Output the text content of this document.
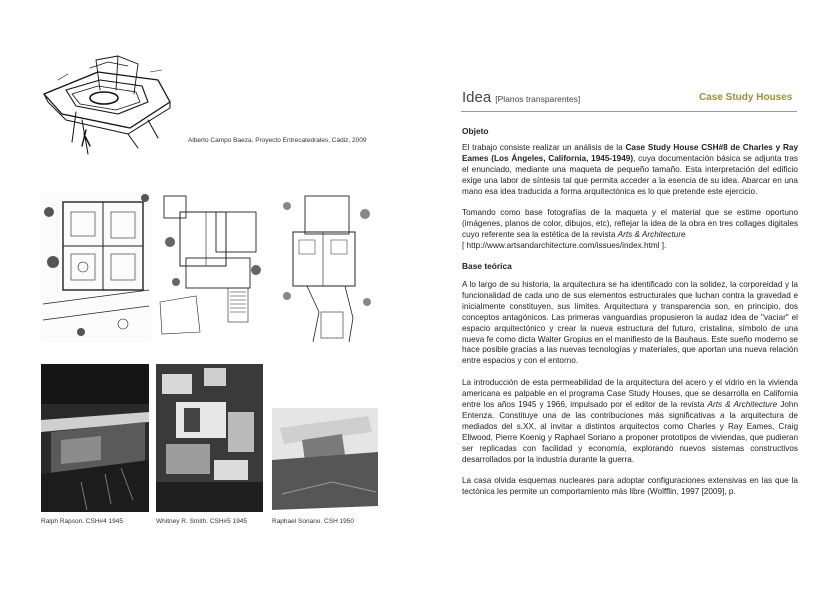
Alberto Campo Baeza. Proyecto Entrecatedrales, Cádiz, 2009
Ralph Rapson. CSH#4 1945	Whitney R. Smith. CSH#5 1945	Raphael Soriano. CSH 1950
Idea [Planos transparentes]	Case Study Houses

Objeto

El trabajo consiste realizar un análisis de la Case Study House CSH#8 de Charles y Ray Eames (Los Ángeles, California, 1945-1949), cuya documentación básica se adjunta tras el enunciado, mediante una maqueta de pequeño tamaño. Esta interpretación del edificio exige una labor de síntesis tal que permita acceder a la esencia de su idea. Abarcar en una mano esa idea traducida a forma arquitectónica es lo que pretende este ejercicio.

Tomando como base fotografías de la maqueta y el material que se estime oportuno (imágenes, planos de color, dibujos, etc), reflejar la idea de la obra en tres collages digitales cuyo referente sea la estética de la revista Arts & Architecture
[ http://www.artsandarchitecture.com/issues/index.html ].

Base teórica

A lo largo de su historia, la arquitectura se ha identificado con la solidez, la corporeidad y la funcionalidad de cada uno de sus elementos estructurales que luchan contra la gravedad e inicialmente constituyen, sus límites. Arquitectura y transparencia son, en principio, dos conceptos antagónicos. Las primeras vanguardias propusieron la audaz idea de "vaciar" el espacio arquitectónico y crear la nueva estructura del futuro, cristalina, símbolo de una nueva fe como dicta Walter Gropius en el manifiesto de la Bauhaus. Este sueño moderno se hace posible gracias a las nuevas tecnologías y materiales, que aportan una nueva relación entre espacios y con el entorno.

La introducción de esta permeabilidad de la arquitectura del acero y el vidrio en la vivienda americana es palpable en el programa Case Study Houses, que se desarrolla en California entre los años 1945 y 1966, impulsado por el editor de la revista Arts & Architecture John Entenza. Constituye una de las contribuciones más significativas a la arquitectura de mediados del s.XX, al invitar a distintos arquitectos como Charles y Ray Eames, Craig Ellwood, Pierre Koenig y Raphael Soriano a proponer prototipos de viviendas, que pudieran ser replicadas con facilidad y economía, explorando nuevos sistemas constructivos desarrollados por la industria durante la guerra.

La casa olvida esquemas nucleares para adoptar configuraciones extensivas en las que la tectónica les permite un comportamiento más libre (Wolfflin, 1997 [2009], p.
